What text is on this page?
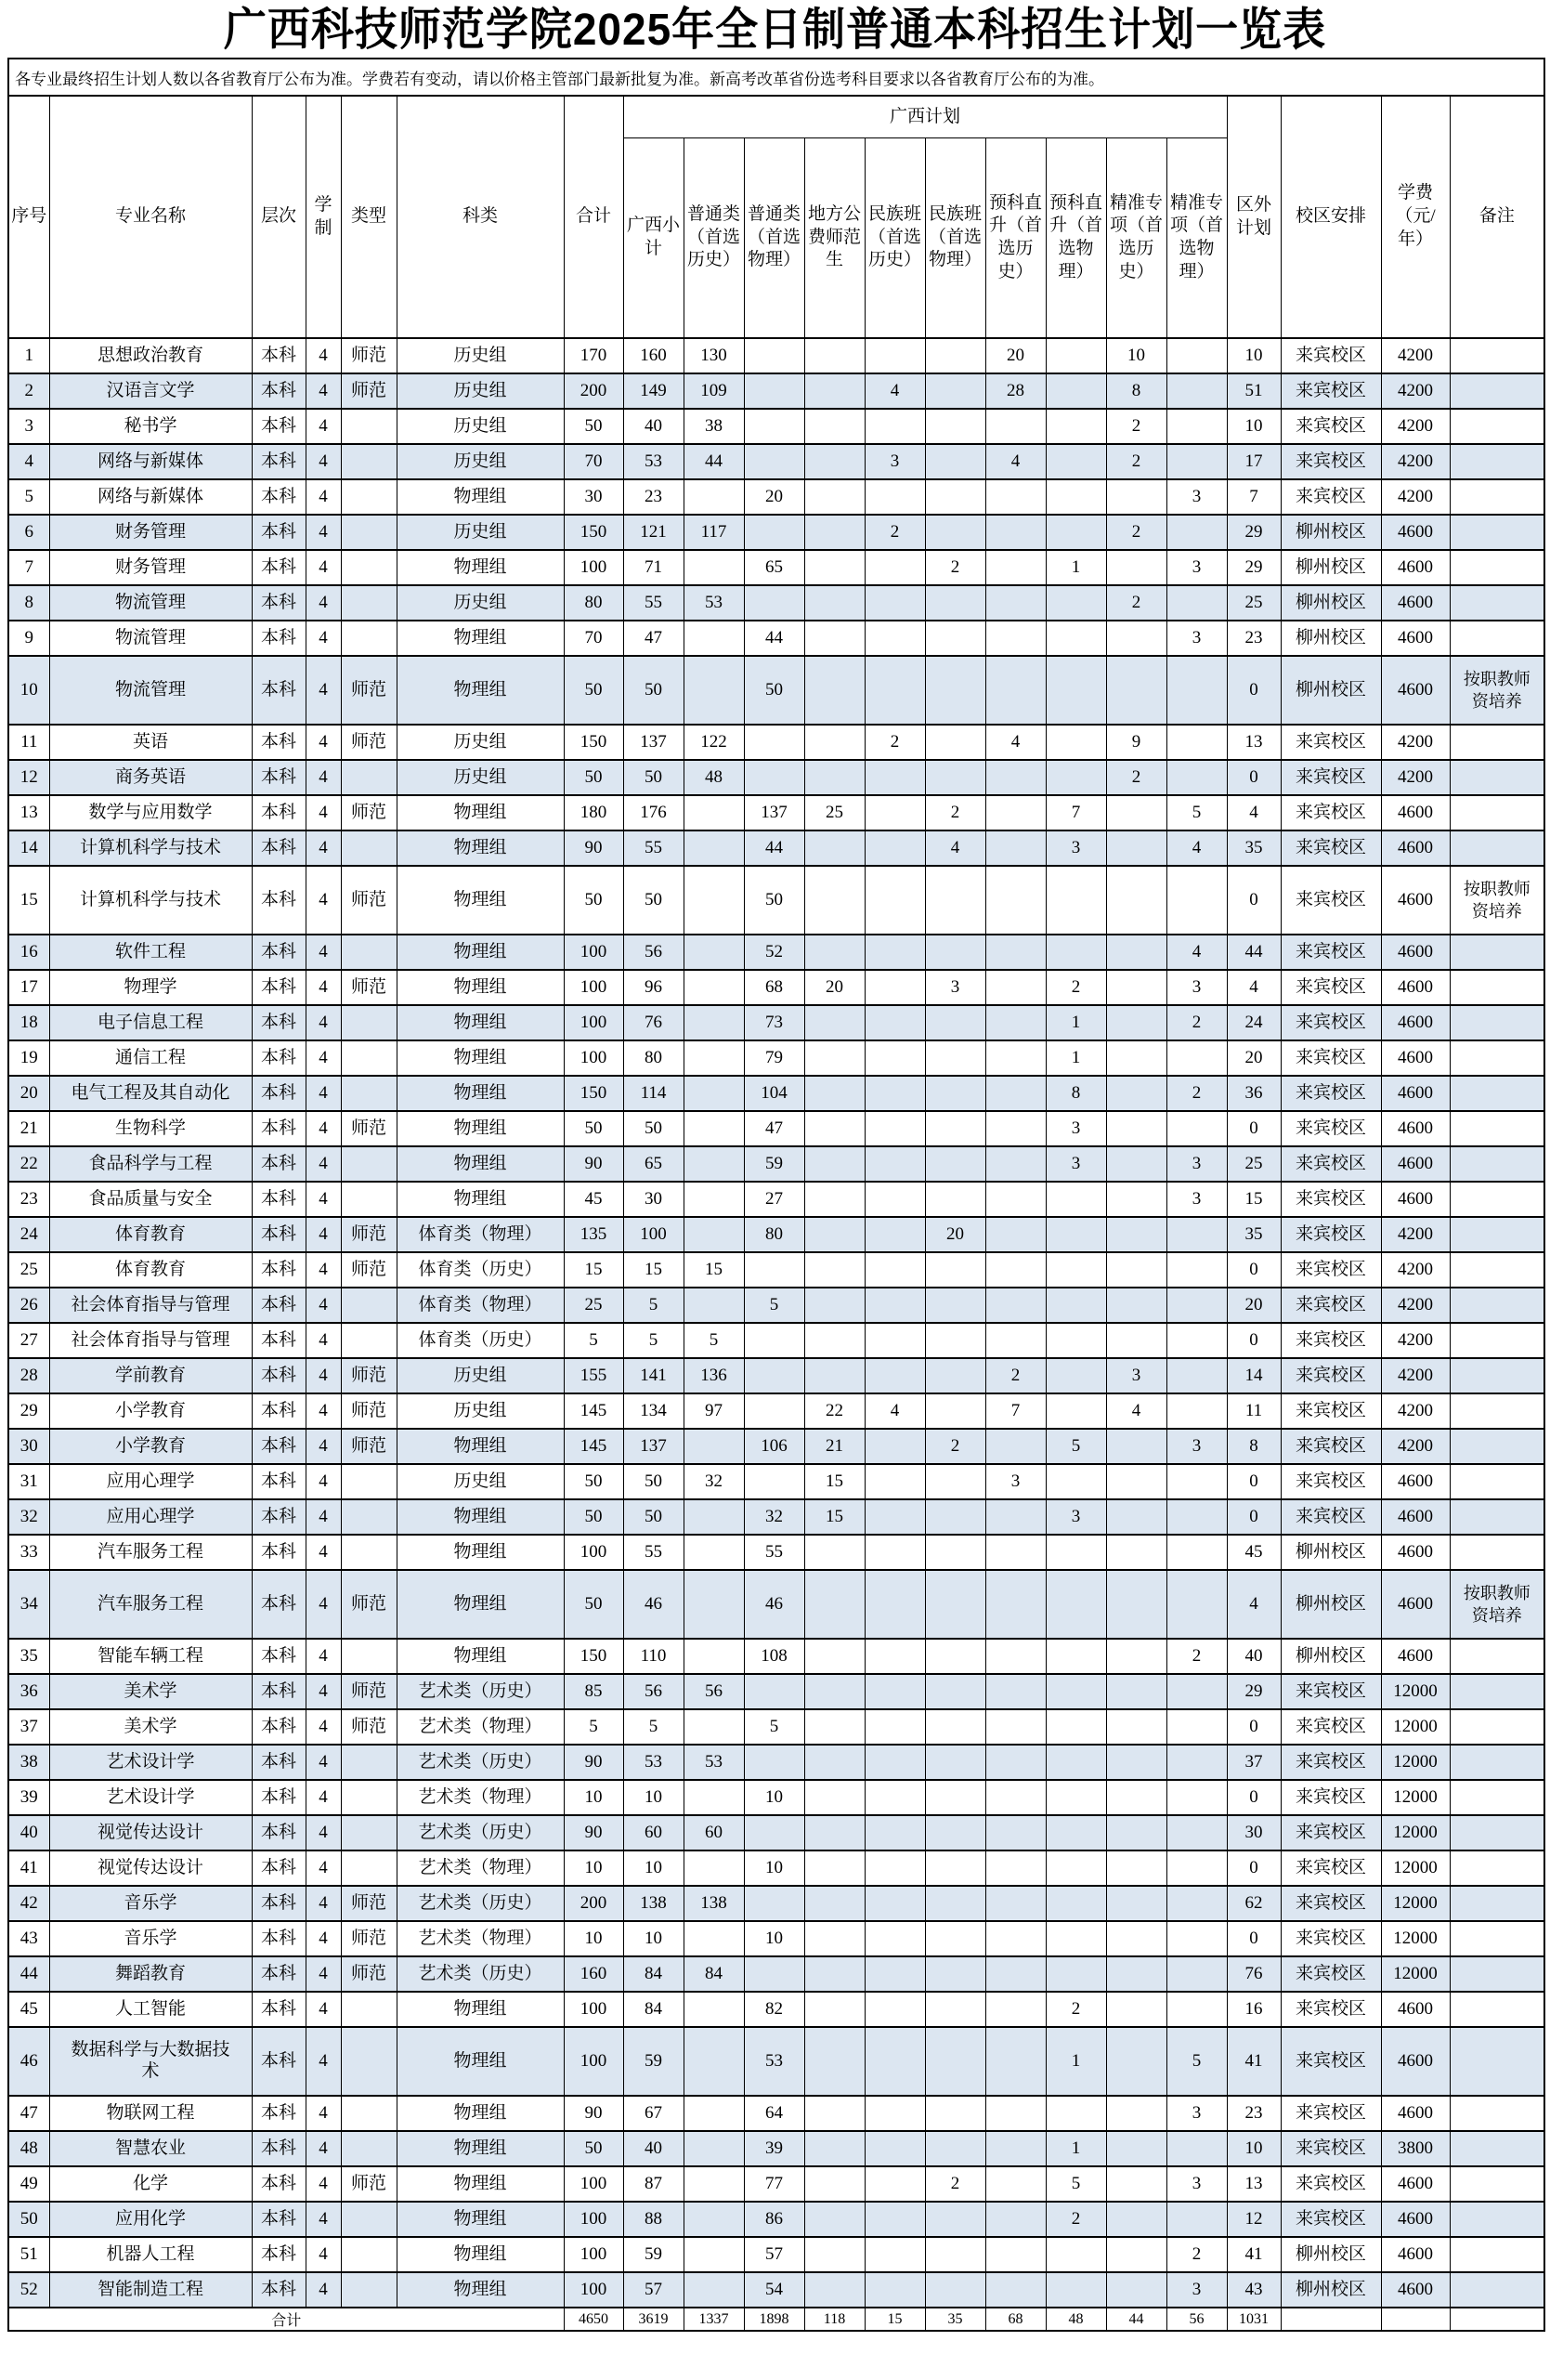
广西科技师范学院2025年全日制普通本科招生计划一览表
各专业最终招生计划人数以各省教育厅公布为准。学费若有变动，请以价格主管部门最新批复为准。新高考改革省份选考科目要求以各省教育厅公布的为准。																				
序号	专业名称	层次	学制	类型	科类	合计	广西计划										区外计划	校区安排	学费（元/年）	备注
							广西小计	普通类（首选历史）	普通类（首选物理）	地方公费师范生	民族班（首选历史）	民族班（首选物理）	预科直升（首选历史）	预科直升（首选物理）	精准专项（首选历史）	精准专项（首选物理）				
1	思想政治教育	本科	4	师范	历史组	170	160	130					20		10		10	来宾校区	4200	
2	汉语言文学	本科	4	师范	历史组	200	149	109			4		28		8		51	来宾校区	4200	
3	秘书学	本科	4		历史组	50	40	38							2		10	来宾校区	4200	
4	网络与新媒体	本科	4		历史组	70	53	44			3		4		2		17	来宾校区	4200	
5	网络与新媒体	本科	4		物理组	30	23		20							3	7	来宾校区	4200	
6	财务管理	本科	4		历史组	150	121	117			2				2		29	柳州校区	4600	
7	财务管理	本科	4		物理组	100	71		65			2		1		3	29	柳州校区	4600	
8	物流管理	本科	4		历史组	80	55	53							2		25	柳州校区	4600	
9	物流管理	本科	4		物理组	70	47		44							3	23	柳州校区	4600	
10	物流管理	本科	4	师范	物理组	50	50		50								0	柳州校区	4600	按职教师资培养
11	英语	本科	4	师范	历史组	150	137	122			2		4		9		13	来宾校区	4200	
12	商务英语	本科	4		历史组	50	50	48							2		0	来宾校区	4200	
13	数学与应用数学	本科	4	师范	物理组	180	176		137	25		2		7		5	4	来宾校区	4600	
14	计算机科学与技术	本科	4		物理组	90	55		44			4		3		4	35	来宾校区	4600	
15	计算机科学与技术	本科	4	师范	物理组	50	50		50								0	来宾校区	4600	按职教师资培养
16	软件工程	本科	4		物理组	100	56		52							4	44	来宾校区	4600	
17	物理学	本科	4	师范	物理组	100	96		68	20		3		2		3	4	来宾校区	4600	
18	电子信息工程	本科	4		物理组	100	76		73					1		2	24	来宾校区	4600	
19	通信工程	本科	4		物理组	100	80		79					1			20	来宾校区	4600	
20	电气工程及其自动化	本科	4		物理组	150	114		104					8		2	36	来宾校区	4600	
21	生物科学	本科	4	师范	物理组	50	50		47					3			0	来宾校区	4600	
22	食品科学与工程	本科	4		物理组	90	65		59					3		3	25	来宾校区	4600	
23	食品质量与安全	本科	4		物理组	45	30		27							3	15	来宾校区	4600	
24	体育教育	本科	4	师范	体育类（物理）	135	100		80			20					35	来宾校区	4200	
25	体育教育	本科	4	师范	体育类（历史）	15	15	15									0	来宾校区	4200	
26	社会体育指导与管理	本科	4		体育类（物理）	25	5		5								20	来宾校区	4200	
27	社会体育指导与管理	本科	4		体育类（历史）	5	5	5									0	来宾校区	4200	
28	学前教育	本科	4	师范	历史组	155	141	136					2		3		14	来宾校区	4200	
29	小学教育	本科	4	师范	历史组	145	134	97		22	4		7		4		11	来宾校区	4200	
30	小学教育	本科	4	师范	物理组	145	137		106	21		2		5		3	8	来宾校区	4200	
31	应用心理学	本科	4		历史组	50	50	32		15			3				0	来宾校区	4600	
32	应用心理学	本科	4		物理组	50	50		32	15				3			0	来宾校区	4600	
33	汽车服务工程	本科	4		物理组	100	55		55								45	柳州校区	4600	
34	汽车服务工程	本科	4	师范	物理组	50	46		46								4	柳州校区	4600	按职教师资培养
35	智能车辆工程	本科	4		物理组	150	110		108							2	40	柳州校区	4600	
36	美术学	本科	4	师范	艺术类（历史）	85	56	56									29	来宾校区	12000	
37	美术学	本科	4	师范	艺术类（物理）	5	5		5								0	来宾校区	12000	
38	艺术设计学	本科	4		艺术类（历史）	90	53	53									37	来宾校区	12000	
39	艺术设计学	本科	4		艺术类（物理）	10	10		10								0	来宾校区	12000	
40	视觉传达设计	本科	4		艺术类（历史）	90	60	60									30	来宾校区	12000	
41	视觉传达设计	本科	4		艺术类（物理）	10	10		10								0	来宾校区	12000	
42	音乐学	本科	4	师范	艺术类（历史）	200	138	138									62	来宾校区	12000	
43	音乐学	本科	4	师范	艺术类（物理）	10	10		10								0	来宾校区	12000	
44	舞蹈教育	本科	4	师范	艺术类（历史）	160	84	84									76	来宾校区	12000	
45	人工智能	本科	4		物理组	100	84		82					2			16	来宾校区	4600	
46	数据科学与大数据技术	本科	4		物理组	100	59		53					1		5	41	来宾校区	4600	
47	物联网工程	本科	4		物理组	90	67		64							3	23	来宾校区	4600	
48	智慧农业	本科	4		物理组	50	40		39					1			10	来宾校区	3800	
49	化学	本科	4	师范	物理组	100	87		77			2		5		3	13	来宾校区	4600	
50	应用化学	本科	4		物理组	100	88		86					2			12	来宾校区	4600	
51	机器人工程	本科	4		物理组	100	59		57							2	41	柳州校区	4600	
52	智能制造工程	本科	4		物理组	100	57		54							3	43	柳州校区	4600	
合计						4650	3619	1337	1898	118	15	35	68	48	44	56	1031			
